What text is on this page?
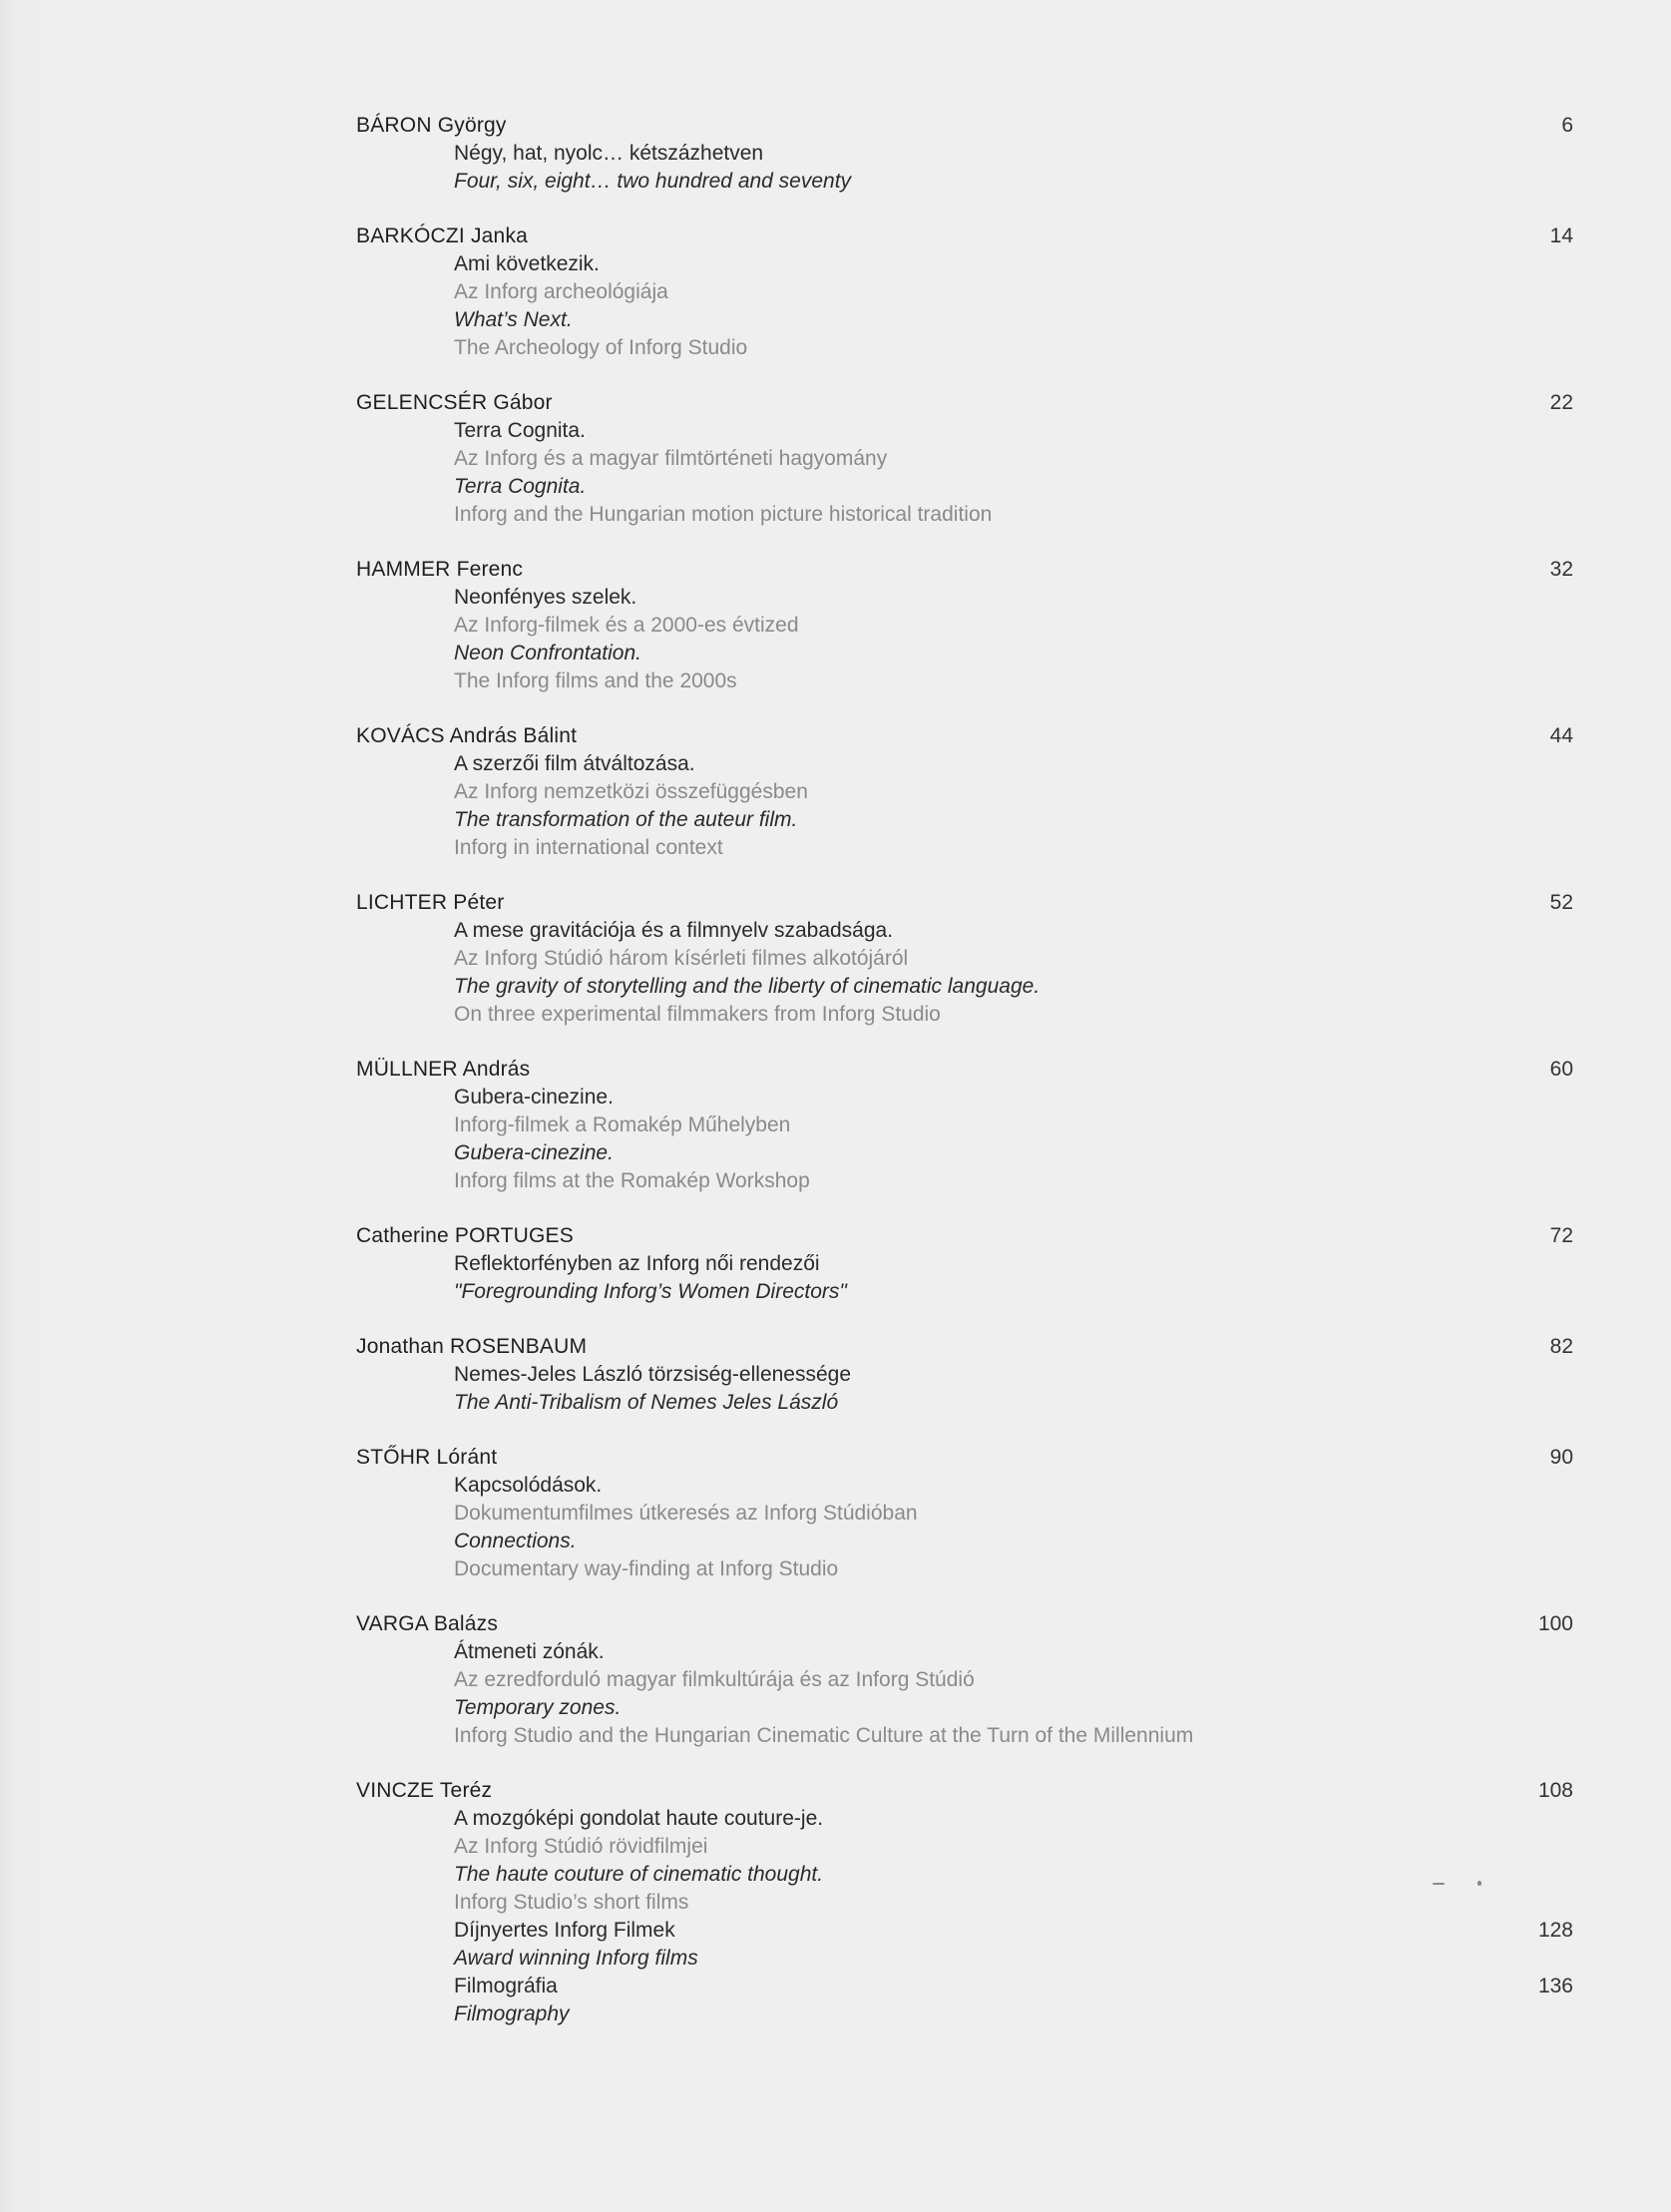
BÁRON György	6
Négy, hat, nyolc… kétszázhetven
Four, six, eight… two hundred and seventy
BARKÓCZI Janka	14
Ami következik.
Az Inforg archeológiája
What’s Next.
The Archeology of Inforg Studio
GELENCSÉR Gábor	22
Terra Cognita.
Az Inforg és a magyar filmtörténeti hagyomány
Terra Cognita.
Inforg and the Hungarian motion picture historical tradition
HAMMER Ferenc	32
Neonfényes szelek.
Az Inforg-filmek és a 2000-es évtized
Neon Confrontation.
The Inforg films and the 2000s
KOVÁCS András Bálint	44
A szerzői film átváltozása.
Az Inforg nemzetközi összefüggésben
The transformation of the auteur film.
Inforg in international context
LICHTER Péter	52
A mese gravitációja és a filmnyelv szabadsága.
Az Inforg Stúdió három kísérleti filmes alkotójáról
The gravity of storytelling and the liberty of cinematic language.
On three experimental filmmakers from Inforg Studio
MÜLLNER András	60
Gubera-cinezine.
Inforg-filmek a Romakép Műhelyben
Gubera-cinezine.
Inforg films at the Romakép Workshop
Catherine PORTUGES	72
Reflektorfényben az Inforg női rendezői
"Foregrounding Inforg’s Women Directors"
Jonathan ROSENBAUM	82
Nemes-Jeles László törzsiség-ellenessége
The Anti-Tribalism of Nemes Jeles László
STŐHR Lóránt	90
Kapcsolódások.
Dokumentumfilmes útkeresés az Inforg Stúdióban
Connections.
Documentary way-finding at Inforg Studio
VARGA Balázs	100
Átmeneti zónák.
Az ezredforduló magyar filmkultúrája és az Inforg Stúdió
Temporary zones.
Inforg Studio and the Hungarian Cinematic Culture at the Turn of the Millennium
VINCZE Teréz	108
A mozgóképi gondolat haute couture-je.
Az Inforg Stúdió rövidfilmjei
The haute couture of cinematic thought.
Inforg Studio’s short films
Díjnyertes Inforg Filmek	128
Award winning Inforg films
Filmográfia	136
Filmography
